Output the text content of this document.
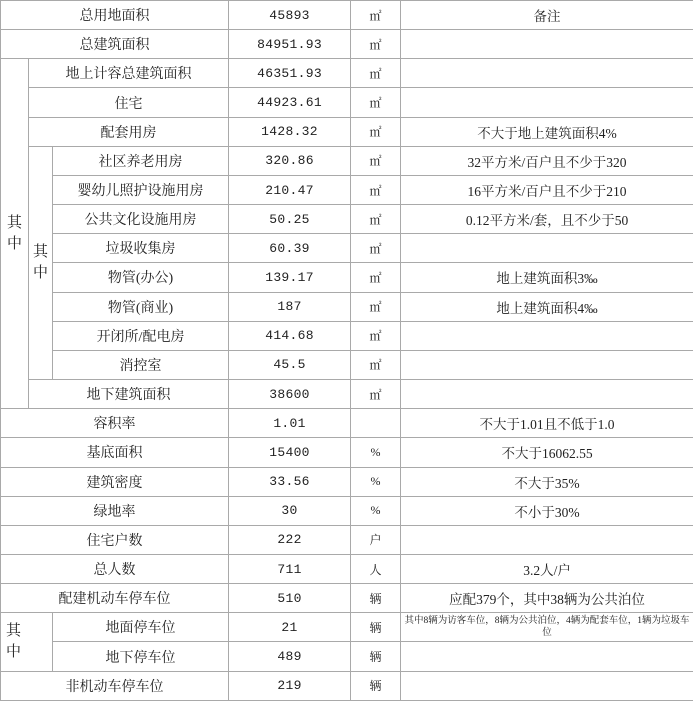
总用地面积			45893	㎡	备注
总建筑面积			84951.93	㎡	
其中	地上计容总建筑面积		46351.93	㎡	
	住宅		44923.61	㎡	
	配套用房		1428.32	㎡	不大于地上建筑面积4%
	其中	社区养老用房	320.86	㎡	32平方米/百户且不少于320
		婴幼儿照护设施用房	210.47	㎡	16平方米/百户且不少于210
		公共文化设施用房	50.25	㎡	0.12平方米/套，且不少于50
		垃圾收集房	60.39	㎡	
		物管(办公)	139.17	㎡	地上建筑面积3‰
		物管(商业)	187	㎡	地上建筑面积4‰
		开闭所/配电房	414.68	㎡	
		消控室	45.5	㎡	
	地下建筑面积		38600	㎡	
容积率			1.01		不大于1.01且不低于1.0
基底面积			15400	%	不大于16062.55
建筑密度			33.56	%	不大于35%
绿地率			30	%	不小于30%
住宅户数			222	户	
总人数			711	人	3.2人/户
配建机动车停车位			510	辆	应配379个，其中38辆为公共泊位
其中		地面停车位	21	辆	其中8辆为访客车位，8辆为公共泊位，4辆为配套车位，1辆为垃圾车位
		地下停车位	489	辆	
非机动车停车位			219	辆	
